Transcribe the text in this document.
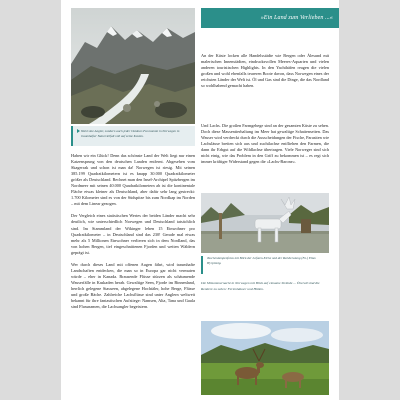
Wahl sine Angler, sondern auch jeder Outdoor-Fan kommt in Norwegen in traumhafter Naturvielfalt voll auf seine Kosten.

Haben wir ein Glück! Denn das schönste Land der Welt liegt nur einen Katzensprung von den deutschen Landen entfernt. Abgesehen vom Skagerrak und schon ist man da! Norwegen ist riesig. Mit seinen 385.199 Quadratkilometern ist es knapp 30.000 Quadratkilometer größer als Deutschland. Rechnet man den Insel-Archipel Spitzbergen im Nordmeer mit seinen 40.000 Quadratkilometern ab ist die kontinentale Fläche etwas kleiner als Deutschland, aber dafür sehr lang gestreckt: 1.700 Kilometer sind es von der Südspitze bis zum Nordkap im Norden – mit dem Linear gezogen.

Der Vergleich eines statistischen Wertes der beiden Länder macht sehr deutlich, wie unterschiedlich Norwegen und Deutschland tatsächlich sind. Im Stammland der Wikinger leben 15 Einwohner pro Quadratkilometer – in Deutschland sind das 230! Gerade mal etwas mehr als 5 Millionen Einwohner verlieren sich in dem Nordland, das von hohen Bergen, tief eingeschnittenen Fjorden und weiten Wäldern geprägt ist.

Wer durch dieses Land mit offenen Augen fährt, wird traumhafte Landschaften entdecken, die man so in Europa gar nicht vermuten würde – eher in Kanada. Brausende Flüsse stürzen als schäumende Wasserfälle in Kaskaden herab. Gewaltige Seen, Fjorde im Binnenland, herrlich gelegene Stauseen, abgelegene Hochtäler, hohe Berge, Flüsse und große Bäche. Zahlreiche Lachsflüsse sind unter Anglern weltweit bekannt für ihre fantastischen Aufstiege: Namsen, Alta, Tana und Gaula sind Flussnamen, die Lachsangler begeistern.

»Ein Land zum Verlieben ...«

An der Küste locken alle Handelsstädte wie Bergen oder Ålesund mit malerischen Innenstädten, eindrucksvollen Meeres-Aquarien und vielen anderen touristischen Highlights. In den Yachthäfen reagen die vielen großen und wohl ebenfalls teureren Boote davon, dass Norwegen eines der reichsten Länder der Welt ist. Öl und Gas sind die Dinge, die das Nordland so wohlhabend gemacht haben.

Und Lachs. Die großen Farmgehege sind an der gesamten Küste zu sehen. Doch diese Massentierhaltung im Meer hat gewaltige Schattenseiten. Das Wasser wird verdreckt durch die Ausscheidungen der Fische, Parasiten wie Lachsläuse breiten sich aus und zuchtlachse entfliehen den Farmen, die dann ihr Erbgut auf die Wildlachse übertragen. Viele Norweger sind sich nicht einig, wie das Problem in den Griff zu bekommen ist – es regt sich immer kräftiger Widerstand gegen die »Lachs-Barone«.

Taschenlampenfotos mit Blick der Lofoten-Elche und der Reisberatung (Fo.) Elias Hyrpinnig.
Die Mitsommernacht in Norwegen mit Blick auf einsame Strände ... Überall sind die Rentiere zu sehen: Ferienhäuser und Hütten.
